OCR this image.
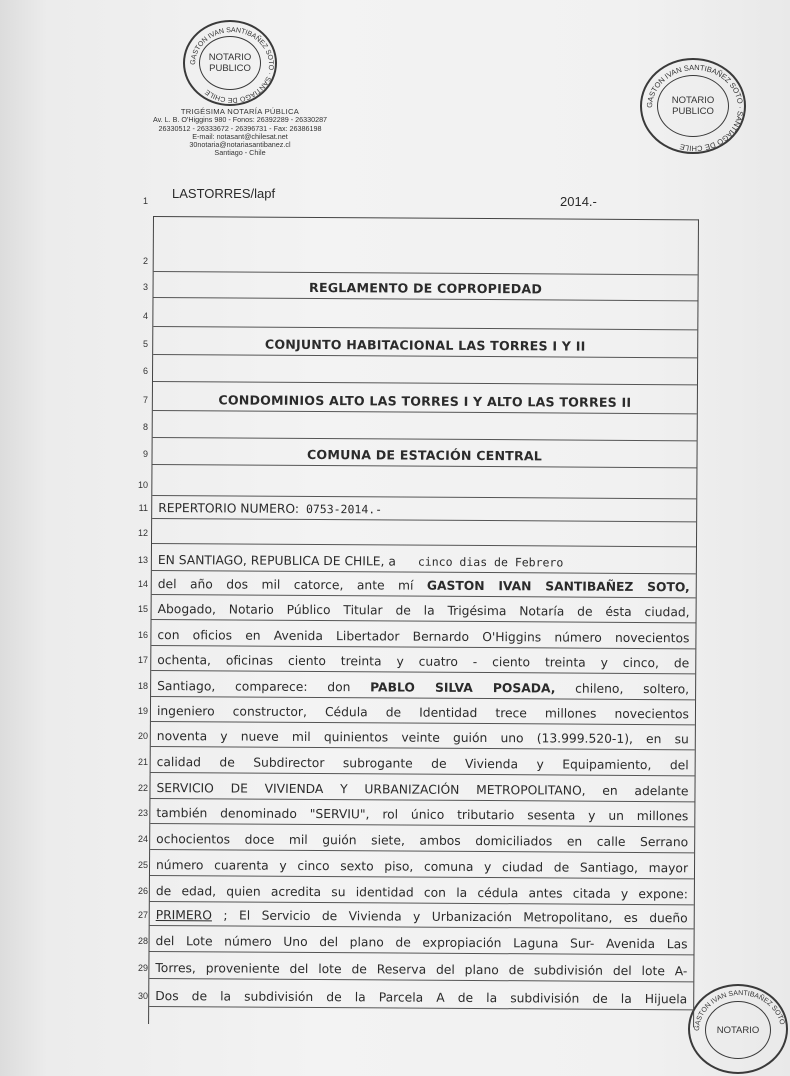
GASTON IVAN SANTIBAÑEZ SOTO · SANTIAGO DE CHILE
NOTARIO
PUBLICO
GASTON IVAN SANTIBAÑEZ SOTO · SANTIAGO DE CHILE
NOTARIO
PUBLICO
GASTON IVAN SANTIBAÑEZ SOTO
NOTARIO
TRIGÉSIMA NOTARÍA PÚBLICA
Av. L. B. O'Higgins 980 - Fonos: 26392289 - 26330287
26330512 - 26333672 - 26396731 - Fax: 26386198
E-mail: notasant@chilesat.net
30notaria@notariasantibanez.cl
Santiago - Chile
LASTORRES/lapf
2014.-
1
2
3
4
5
6
7
8
9
10
11
12
13
14
15
16
17
18
19
20
21
22
23
24
25
26
27
28
29
30
REGLAMENTO DE COPROPIEDAD
CONJUNTO HABITACIONAL LAS TORRES I Y II
CONDOMINIOS ALTO LAS TORRES I Y ALTO LAS TORRES II
COMUNA DE ESTACIÓN CENTRAL
REPERTORIO NUMERO: 0753-2014.-
EN SANTIAGO, REPUBLICA DE CHILE, a cinco dias de Febrero
del año dos mil catorce, ante mí GASTON IVAN SANTIBAÑEZ SOTO,
Abogado, Notario Público Titular de la Trigésima Notaría de ésta ciudad,
con oficios en Avenida Libertador Bernardo O'Higgins número novecientos
ochenta, oficinas ciento treinta y cuatro - ciento treinta y cinco, de
Santiago, comparece: don PABLO SILVA POSADA, chileno, soltero,
ingeniero constructor, Cédula de Identidad trece millones novecientos
noventa y nueve mil quinientos veinte guión uno (13.999.520-1), en su
calidad de Subdirector subrogante de Vivienda y Equipamiento, del
SERVICIO DE VIVIENDA Y URBANIZACIÓN METROPOLITANO, en adelante
también denominado "SERVIU", rol único tributario sesenta y un millones
ochocientos doce mil guión siete, ambos domiciliados en calle Serrano
número cuarenta y cinco sexto piso, comuna y ciudad de Santiago, mayor
de edad, quien acredita su identidad con la cédula antes citada y expone:
PRIMERO ; El Servicio de Vivienda y Urbanización Metropolitano, es dueño
del Lote número Uno del plano de expropiación Laguna Sur- Avenida Las
Torres, proveniente del lote de Reserva del plano de subdivisión del lote A-
Dos de la subdivisión de la Parcela A de la subdivisión de la Hijuela
